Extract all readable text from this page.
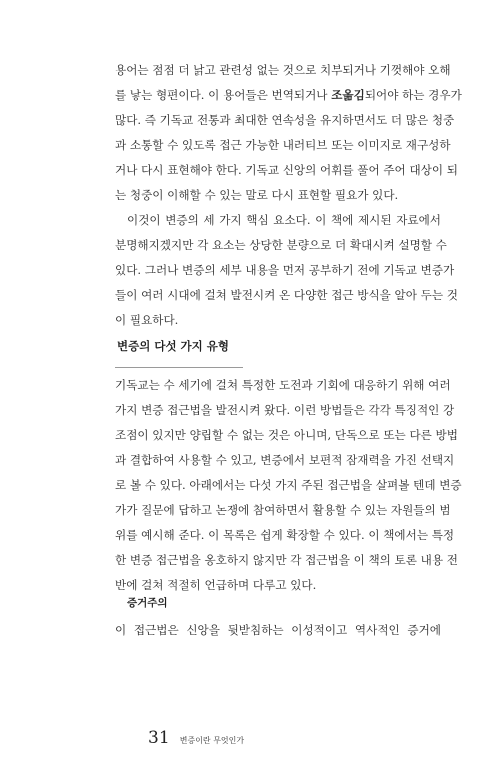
용어는 점점 더 낡고 관련성 없는 것으로 치부되거나 기껏해야 오해
를 낳는 형편이다. 이 용어들은 번역되거나 조옮김되어야 하는 경우가
많다. 즉 기독교 전통과 최대한 연속성을 유지하면서도 더 많은 청중
과 소통할 수 있도록 접근 가능한 내러티브 또는 이미지로 재구성하
거나 다시 표현해야 한다. 기독교 신앙의 어휘를 풀어 주어 대상이 되
는 청중이 이해할 수 있는 말로 다시 표현할 필요가 있다.
이것이 변증의 세 가지 핵심 요소다. 이 책에 제시된 자료에서
분명해지겠지만 각 요소는 상당한 분량으로 더 확대시켜 설명할 수
있다. 그러나 변증의 세부 내용을 먼저 공부하기 전에 기독교 변증가
들이 여러 시대에 걸쳐 발전시켜 온 다양한 접근 방식을 알아 두는 것
이 필요하다.
변증의 다섯 가지 유형
기독교는 수 세기에 걸쳐 특정한 도전과 기회에 대응하기 위해 여러
가지 변증 접근법을 발전시켜 왔다. 이런 방법들은 각각 특징적인 강
조점이 있지만 양립할 수 없는 것은 아니며, 단독으로 또는 다른 방법
과 결합하여 사용할 수 있고, 변증에서 보편적 잠재력을 가진 선택지
로 볼 수 있다. 아래에서는 다섯 가지 주된 접근법을 살펴볼 텐데 변증
가가 질문에 답하고 논쟁에 참여하면서 활용할 수 있는 자원들의 범
위를 예시해 준다. 이 목록은 쉽게 확장할 수 있다. 이 책에서는 특정
한 변증 접근법을 옹호하지 않지만 각 접근법을 이 책의 토론 내용 전
반에 걸쳐 적절히 언급하며 다루고 있다.
증거주의
이 접근법은 신앙을 뒷받침하는 이성적이고 역사적인 증거에
31 변증이란 무엇인가
